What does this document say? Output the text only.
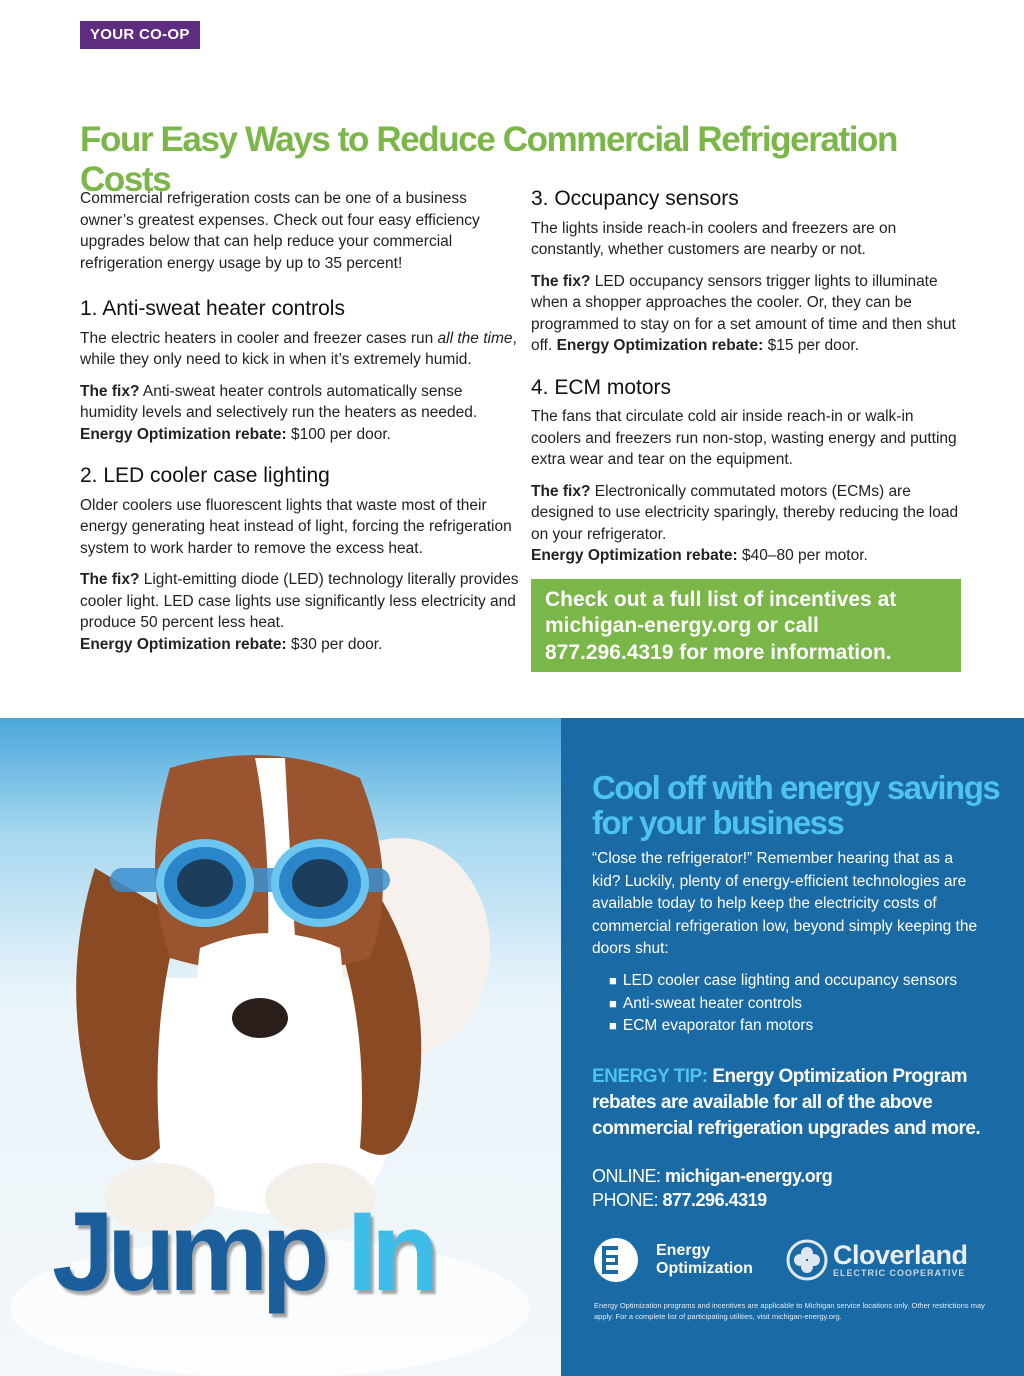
YOUR CO-OP
Four Easy Ways to Reduce Commercial Refrigeration Costs

Commercial refrigeration costs can be one of a business owner’s greatest expenses. Check out four easy efficiency upgrades below that can help reduce your commercial refrigeration energy usage by up to 35 percent!

1. Anti-sweat heater controls

The electric heaters in cooler and freezer cases run all the time, while they only need to kick in when it’s extremely humid.

The fix? Anti-sweat heater controls automatically sense humidity levels and selectively run the heaters as needed.
Energy Optimization rebate: $100 per door.

2. LED cooler case lighting

Older coolers use fluorescent lights that waste most of their energy generating heat instead of light, forcing the refrigeration system to work harder to remove the excess heat.

The fix? Light-emitting diode (LED) technology literally provides cooler light. LED case lights use significantly less electricity and produce 50 percent less heat.
Energy Optimization rebate: $30 per door.

3. Occupancy sensors

The lights inside reach-in coolers and freezers are on constantly, whether customers are nearby or not.

The fix? LED occupancy sensors trigger lights to illuminate when a shopper approaches the cooler. Or, they can be programmed to stay on for a set amount of time and then shut off. Energy Optimization rebate: $15 per door.

4. ECM motors

The fans that circulate cold air inside reach-in or walk-in coolers and freezers run non-stop, wasting energy and putting extra wear and tear on the equipment.

The fix? Electronically commutated motors (ECMs) are designed to use electricity sparingly, thereby reducing the load on your refrigerator.
Energy Optimization rebate: $40–80 per motor.

Check out a full list of incentives at michigan-energy.org or call 877.296.4319 for more information.
Jump In
Cool off with energy savings for your business
“Close the refrigerator!” Remember hearing that as a kid? Luckily, plenty of energy-efficient technologies are available today to help keep the electricity costs of commercial refrigeration low, beyond simply keeping the doors shut:
■ LED cooler case lighting and occupancy sensors
■ Anti-sweat heater controls
■ ECM evaporator fan motors
ENERGY TIP: Energy Optimization Program rebates are available for all of the above commercial refrigeration upgrades and more.
ONLINE: michigan-energy.org
PHONE: 877.296.4319
Energy
Optimization	Cloverland
ELECTRIC COOPERATIVE
Energy Optimization programs and incentives are applicable to Michigan service locations only. Other restrictions may apply. For a complete list of participating utilities, visit michigan-energy.org.
